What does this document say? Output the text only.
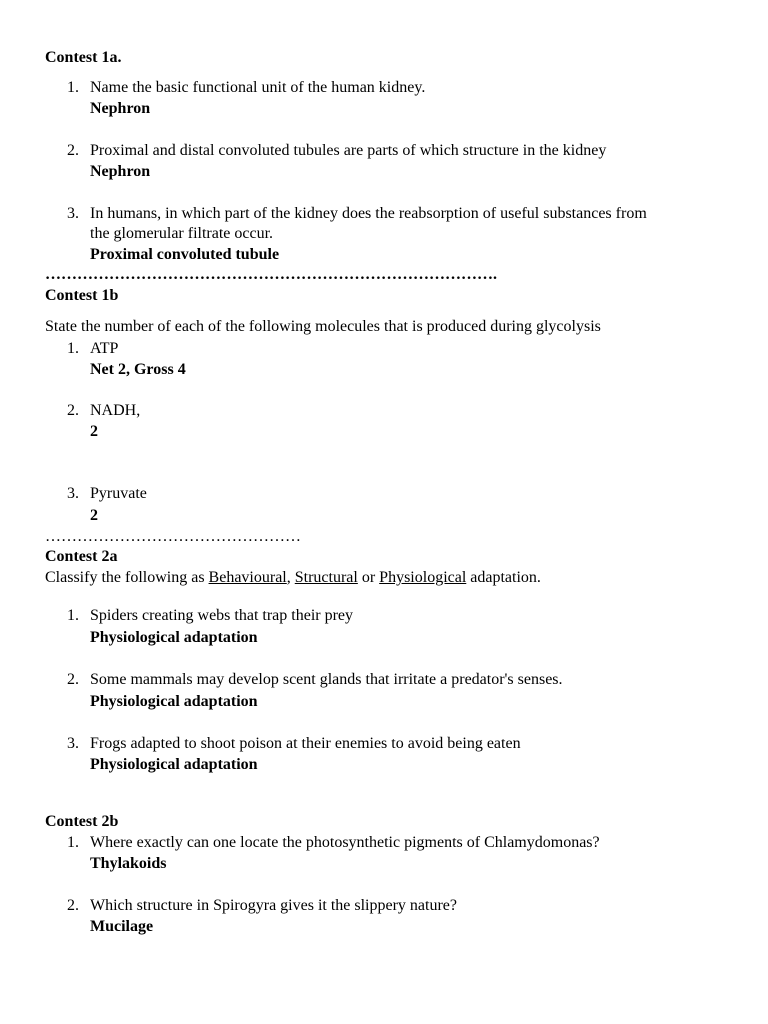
Contest 1a.
1. Name the basic functional unit of the human kidney.
Nephron
2. Proximal and distal convoluted tubules are parts of which structure in the kidney
Nephron
3. In humans, in which part of the kidney does the reabsorption of useful substances from
the glomerular filtrate occur.
Proximal convoluted tubule
………………………………………………………………………….
Contest 1b
State the number of each of the following molecules that is produced during glycolysis
1. ATP
Net 2, Gross 4
2. NADH,
2
3. Pyruvate
2
…………………………………………
Contest 2a
Classify the following as Behavioural, Structural or Physiological adaptation.
1. Spiders creating webs that trap their prey
Physiological adaptation
2. Some mammals may develop scent glands that irritate a predator's senses.
Physiological adaptation
3. Frogs adapted to shoot poison at their enemies to avoid being eaten
Physiological adaptation
Contest 2b
1. Where exactly can one locate the photosynthetic pigments of Chlamydomonas?
Thylakoids
2. Which structure in Spirogyra gives it the slippery nature?
Mucilage
